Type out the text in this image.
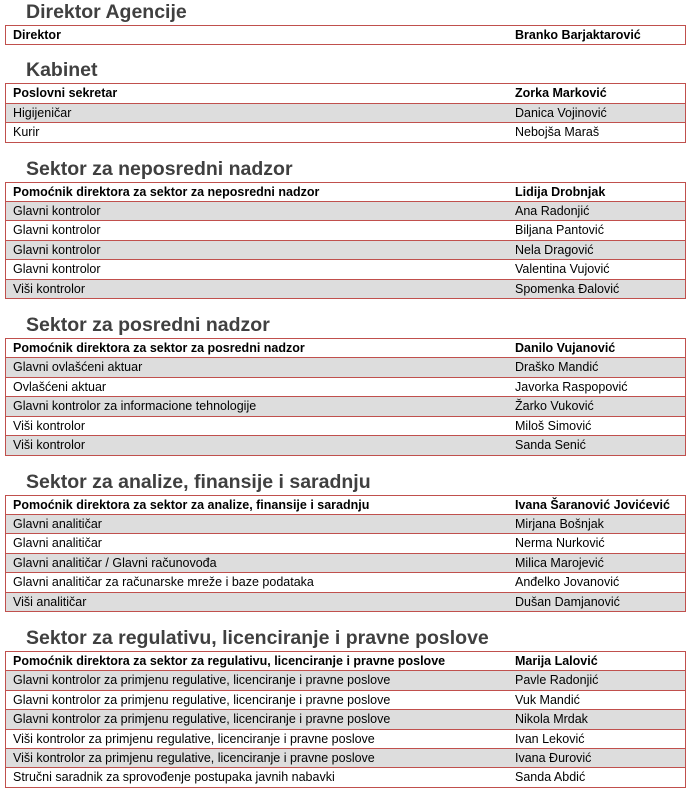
Direktor Agencije
Direktor	Branko Barjaktarović
Kabinet
Poslovni sekretar	Zorka Marković
Higijeničar	Danica Vojinović
Kurir	Nebojša Maraš
Sektor za neposredni nadzor
Pomoćnik direktora za sektor za neposredni nadzor	Lidija Drobnjak
Glavni kontrolor	Ana Radonjić
Glavni kontrolor	Biljana Pantović
Glavni kontrolor	Nela Dragović
Glavni kontrolor	Valentina Vujović
Viši kontrolor	Spomenka Đalović
Sektor za posredni nadzor
Pomoćnik direktora za sektor za posredni nadzor	Danilo Vujanović
Glavni ovlašćeni aktuar	Draško Mandić
Ovlašćeni aktuar	Javorka Raspopović
Glavni kontrolor za informacione tehnologije	Žarko Vuković
Viši kontrolor	Miloš Simović
Viši kontrolor	Sanda Senić
Sektor za analize, finansije i saradnju
Pomoćnik direktora za sektor za analize, finansije i saradnju	Ivana Šaranović Jovićević
Glavni analitičar	Mirjana Bošnjak
Glavni analitičar	Nerma Nurković
Glavni analitičar / Glavni računovođa	Milica Marojević
Glavni analitičar za računarske mreže i baze podataka	Anđelko Jovanović
Viši analitičar	Dušan Damjanović
Sektor za regulativu, licenciranje i pravne poslove
Pomoćnik direktora za sektor za regulativu, licenciranje i pravne poslove	Marija Lalović
Glavni kontrolor za primjenu regulative, licenciranje i pravne poslove	Pavle Radonjić
Glavni kontrolor za primjenu regulative, licenciranje i pravne poslove	Vuk Mandić
Glavni kontrolor za primjenu regulative, licenciranje i pravne poslove	Nikola Mrdak
Viši kontrolor za primjenu regulative, licenciranje i pravne poslove	Ivan Leković
Viši kontrolor za primjenu regulative, licenciranje i pravne poslove	Ivana Đurović
Stručni saradnik za sprovođenje postupaka javnih nabavki	Sanda Abdić
